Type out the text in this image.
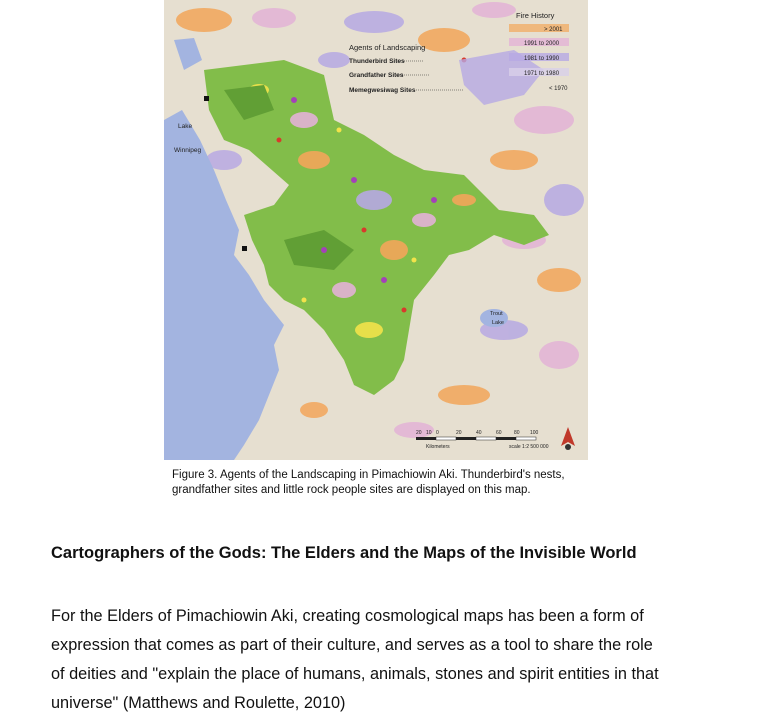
Agents of Landscaping
Thunderbird Sites
Grandfather Sites
Memegwesiwag Sites
Fire History
> 2001
1991 to 2000
1981 to 1990
1971 to 1980
< 1970
Lake
Winnipeg
Trout
Lake
20 10 0	20	40	60 80 100
Kilometers	scale 1:2 500 000
Figure 3. Agents of the Landscaping in Pimachiowin Aki. Thunderbird's nests,
grandfather sites and little rock people sites are displayed on this map.
Cartographers of the Gods: The Elders and the Maps of the Invisible World

For the Elders of Pimachiowin Aki, creating cosmological maps has been a form of

expression that comes as part of their culture, and serves as a tool to share the role

of deities and "explain the place of humans, animals, stones and spirit entities in that

universe" (Matthews and Roulette, 2010)
